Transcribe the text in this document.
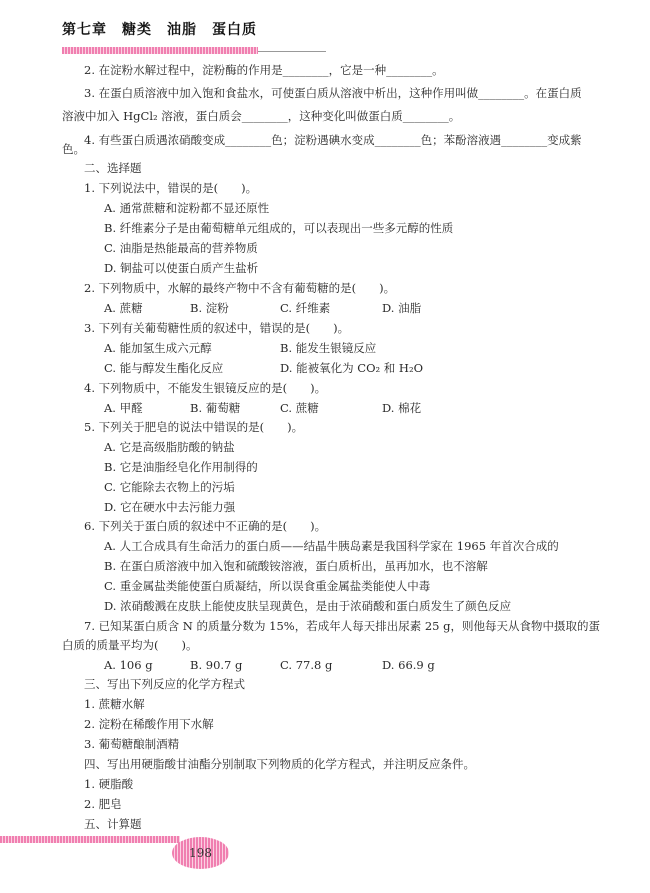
第七章　糖类　油脂　蛋白质
2. 在淀粉水解过程中，淀粉酶的作用是________，它是一种________。
3. 在蛋白质溶液中加入饱和食盐水，可使蛋白质从溶液中析出，这种作用叫做________。在蛋白质
溶液中加入 HgCl₂ 溶液，蛋白质会________，这种变化叫做蛋白质________。
4. 有些蛋白质遇浓硝酸变成________色；淀粉遇碘水变成________色；苯酚溶液遇________变成紫
色。
二、选择题
1. 下列说法中，错误的是(　　)。
A. 通常蔗糖和淀粉都不显还原性
B. 纤维素分子是由葡萄糖单元组成的，可以表现出一些多元醇的性质
C. 油脂是热能最高的营养物质
D. 铜盐可以使蛋白质产生盐析
2. 下列物质中，水解的最终产物中不含有葡萄糖的是(　　)。
A. 蔗糖	B. 淀粉	C. 纤维素	D. 油脂
3. 下列有关葡萄糖性质的叙述中，错误的是(　　)。
A. 能加氢生成六元醇	B. 能发生银镜反应
C. 能与醇发生酯化反应	D. 能被氧化为 CO₂ 和 H₂O
4. 下列物质中，不能发生银镜反应的是(　　)。
A. 甲醛	B. 葡萄糖	C. 蔗糖	D. 棉花
5. 下列关于肥皂的说法中错误的是(　　)。
A. 它是高级脂肪酸的钠盐
B. 它是油脂经皂化作用制得的
C. 它能除去衣物上的污垢
D. 它在硬水中去污能力强
6. 下列关于蛋白质的叙述中不正确的是(　　)。
A. 人工合成具有生命活力的蛋白质——结晶牛胰岛素是我国科学家在 1965 年首次合成的
B. 在蛋白质溶液中加入饱和硫酸铵溶液，蛋白质析出，虽再加水，也不溶解
C. 重金属盐类能使蛋白质凝结，所以误食重金属盐类能使人中毒
D. 浓硝酸溅在皮肤上能使皮肤呈现黄色，是由于浓硝酸和蛋白质发生了颜色反应
7. 已知某蛋白质含 N 的质量分数为 15%，若成年人每天排出尿素 25 g，则他每天从食物中摄取的蛋
白质的质量平均为(　　)。
A. 106 g	B. 90.7 g	C. 77.8 g	D. 66.9 g
三、写出下列反应的化学方程式
1. 蔗糖水解
2. 淀粉在稀酸作用下水解
3. 葡萄糖酿制酒精
四、写出用硬脂酸甘油酯分别制取下列物质的化学方程式，并注明反应条件。
1. 硬脂酸
2. 肥皂
五、计算题
198
